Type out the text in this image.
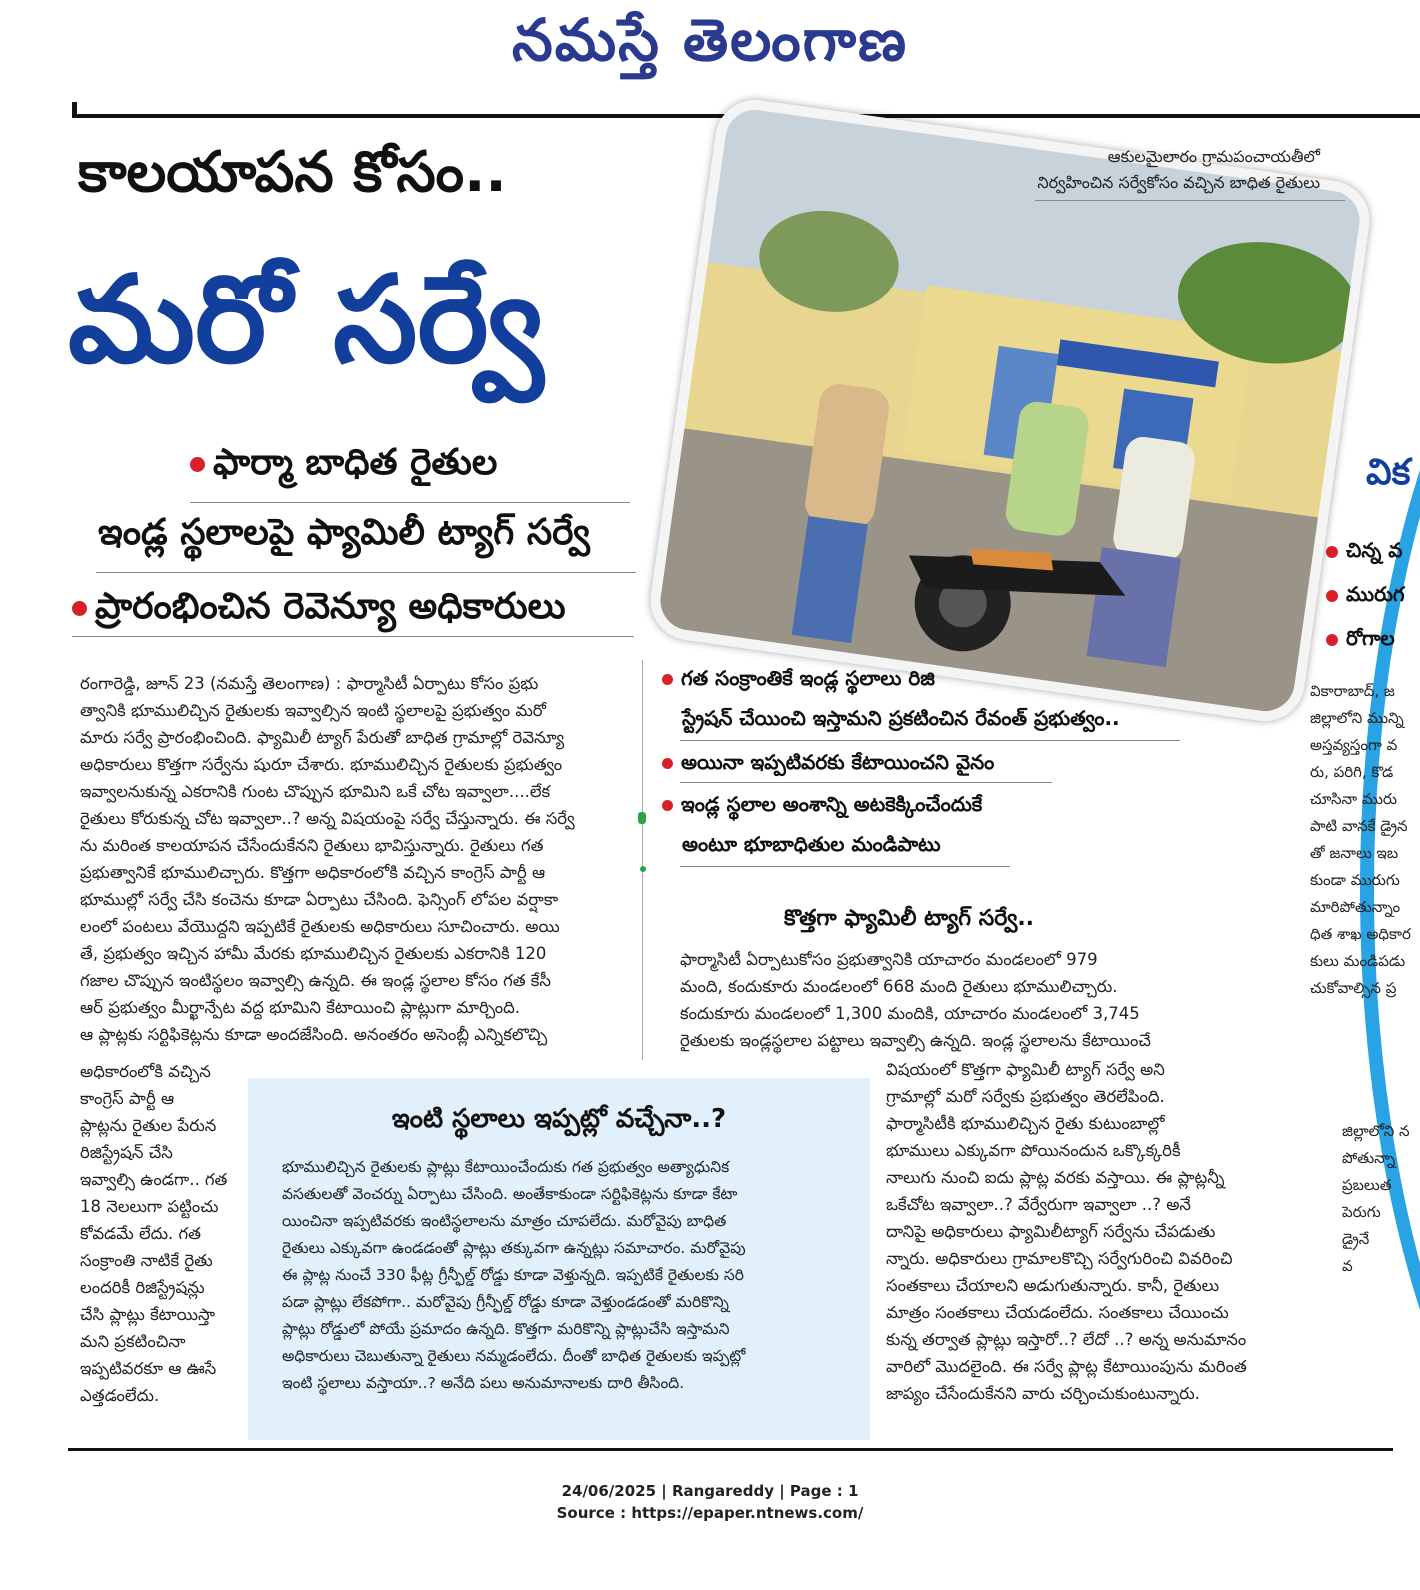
నమస్తే తెలంగాణ
కాలయాపన కోసం..
మరో సర్వే
ఫార్మా బాధిత రైతుల
ఇండ్ల స్థలాలపై ఫ్యామిలీ ట్యాగ్ సర్వే
ప్రారంభించిన రెవెన్యూ అధికారులు
రంగారెడ్డి, జూన్ 23 (నమస్తే తెలంగాణ) : ఫార్మాసిటీ ఏర్పాటు కోసం ప్రభు
త్వానికి భూములిచ్చిన రైతులకు ఇవ్వాల్సిన ఇంటి స్థలాలపై ప్రభుత్వం మరో
మారు సర్వే ప్రారంభించింది. ఫ్యామిలీ ట్యాగ్ పేరుతో బాధిత గ్రామాల్లో రెవెన్యూ
అధికారులు కొత్తగా సర్వేను షురూ చేశారు. భూములిచ్చిన రైతులకు ప్రభుత్వం
ఇవ్వాలనుకున్న ఎకరానికి గుంట చొప్పున భూమిని ఒకే చోట ఇవ్వాలా....లేక
రైతులు కోరుకున్న చోట ఇవ్వాలా..? అన్న విషయంపై సర్వే చేస్తున్నారు. ఈ సర్వే
ను మరింత కాలయాపన చేసేందుకేనని రైతులు భావిస్తున్నారు. రైతులు గత
ప్రభుత్వానికే భూములిచ్చారు. కొత్తగా అధికారంలోకి వచ్చిన కాంగ్రెస్ పార్టీ ఆ
భూముల్లో సర్వే చేసి కంచెను కూడా ఏర్పాటు చేసింది. ఫెన్సింగ్ లోపల వర్షాకా
లంలో పంటలు వేయొద్దని ఇప్పటికే రైతులకు అధికారులు సూచించారు. అయి
తే, ప్రభుత్వం ఇచ్చిన హామీ మేరకు భూములిచ్చిన రైతులకు ఎకరానికి 120
గజాల చొప్పున ఇంటిస్థలం ఇవ్వాల్సి ఉన్నది. ఈ ఇండ్ల స్థలాల కోసం గత కేసీ
ఆర్ ప్రభుత్వం మీర్ఖాన్పేట వద్ద భూమిని కేటాయించి ప్లాట్లుగా మార్చింది.
ఆ ప్లాట్లకు సర్టిఫికెట్లను కూడా అందజేసింది. అనంతరం అసెంబ్లీ ఎన్నికలొచ్చి
అధికారంలోకి వచ్చిన
కాంగ్రెస్ పార్టీ ఆ
ప్లాట్లను రైతుల పేరున
రిజిస్ట్రేషన్ చేసి
ఇవ్వాల్సి ఉండగా.. గత
18 నెలలుగా పట్టించు
కోవడమే లేదు. గత
సంక్రాంతి నాటికే రైతు
లందరికీ రిజిస్ట్రేషన్లు
చేసి ప్లాట్లు కేటాయిస్తా
మని ప్రకటించినా
ఇప్పటివరకూ ఆ ఊసే
ఎత్తడంలేదు.
విక
చిన్న వ
మురుగ
రోగాల
వికారాబాద్, జ
జిల్లాలోని మున్ని
అస్తవ్యస్తంగా వ
రు, పరిగి, కొడ
చూసినా మురు
పాటి వానకే డ్రైన
తో జనాలు ఇబ
కుండా మురుగు
మారిపోతున్నాం
ధిత శాఖ అధికార
కులు మండిపడు
చుకోవాల్సిన ప్ర
జిల్లాలోని న
పోతున్నా
ప్రబలుత
పెరుగు
డ్రైనే
వ
ఆకులమైలారం గ్రామపంచాయతీలో
నిర్వహించిన సర్వేకోసం వచ్చిన బాధిత రైతులు
గత సంక్రాంతికే ఇండ్ల స్థలాలు రిజి
స్ట్రేషన్ చేయించి ఇస్తామని ప్రకటించిన రేవంత్ ప్రభుత్వం..
అయినా ఇప్పటివరకు కేటాయించని వైనం
ఇండ్ల స్థలాల అంశాన్ని అటకెక్కించేందుకే
అంటూ భూబాధితుల మండిపాటు
కొత్తగా ఫ్యామిలీ ట్యాగ్ సర్వే..
ఫార్మాసిటీ ఏర్పాటుకోసం ప్రభుత్వానికి యాచారం మండలంలో 979
మంది, కందుకూరు మండలంలో 668 మంది రైతులు భూములిచ్చారు.
కందుకూరు మండలంలో 1,300 మందికి, యాచారం మండలంలో 3,745
రైతులకు ఇండ్లస్థలాల పట్టాలు ఇవ్వాల్సి ఉన్నది. ఇండ్ల స్థలాలను కేటాయించే
విషయంలో కొత్తగా ఫ్యామిలీ ట్యాగ్ సర్వే అని
గ్రామాల్లో మరో సర్వేకు ప్రభుత్వం తెరలేపింది.
ఫార్మాసిటీకి భూములిచ్చిన రైతు కుటుంబాల్లో
భూములు ఎక్కువగా పోయినందున ఒక్కొక్కరికీ
నాలుగు నుంచి ఐదు ప్లాట్ల వరకు వస్తాయి. ఈ ప్లాట్లన్నీ
ఒకేచోట ఇవ్వాలా..? వేర్వేరుగా ఇవ్వాలా ..? అనే
దానిపై అధికారులు ఫ్యామిలీట్యాగ్ సర్వేను చేపడుతు
న్నారు. అధికారులు గ్రామాలకొచ్చి సర్వేగురించి వివరించి
సంతకాలు చేయాలని అడుగుతున్నారు. కానీ, రైతులు
మాత్రం సంతకాలు చేయడంలేదు. సంతకాలు చేయించు
కున్న తర్వాత ప్లాట్లు ఇస్తారో..? లేదో ..? అన్న అనుమానం
వారిలో మొదలైంది. ఈ సర్వే ప్లాట్ల కేటాయింపును మరింత
జాప్యం చేసేందుకేనని వారు చర్చించుకుంటున్నారు.
ఇంటి స్థలాలు ఇప్పట్లో వచ్చేనా..?
భూములిచ్చిన రైతులకు ప్లాట్లు కేటాయించేందుకు గత ప్రభుత్వం అత్యాధునిక
వసతులతో వెంచర్ను ఏర్పాటు చేసింది. అంతేకాకుండా సర్టిఫికెట్లను కూడా కేటా
యించినా ఇప్పటివరకు ఇంటిస్థలాలను మాత్రం చూపలేదు. మరోవైపు బాధిత
రైతులు ఎక్కువగా ఉండడంతో ప్లాట్లు తక్కువగా ఉన్నట్లు సమాచారం. మరోవైపు
ఈ ప్లాట్ల నుంచే 330 ఫీట్ల గ్రీన్ఫీల్డ్ రోడ్డు కూడా వెళ్తున్నది. ఇప్పటికే రైతులకు సరి
పడా ప్లాట్లు లేకపోగా.. మరోవైపు గ్రీన్ఫీల్డ్ రోడ్డు కూడా వెళ్తుండడంతో మరికొన్ని
ప్లాట్లు రోడ్డులో పోయే ప్రమాదం ఉన్నది. కొత్తగా మరికొన్ని ప్లాట్లుచేసి ఇస్తామని
అధికారులు చెబుతున్నా రైతులు నమ్మడంలేదు. దీంతో బాధిత రైతులకు ఇప్పట్లో
ఇంటి స్థలాలు వస్తాయా..? అనేది పలు అనుమానాలకు దారి తీసింది.
24/06/2025 | Rangareddy | Page : 1
Source : https://epaper.ntnews.com/
